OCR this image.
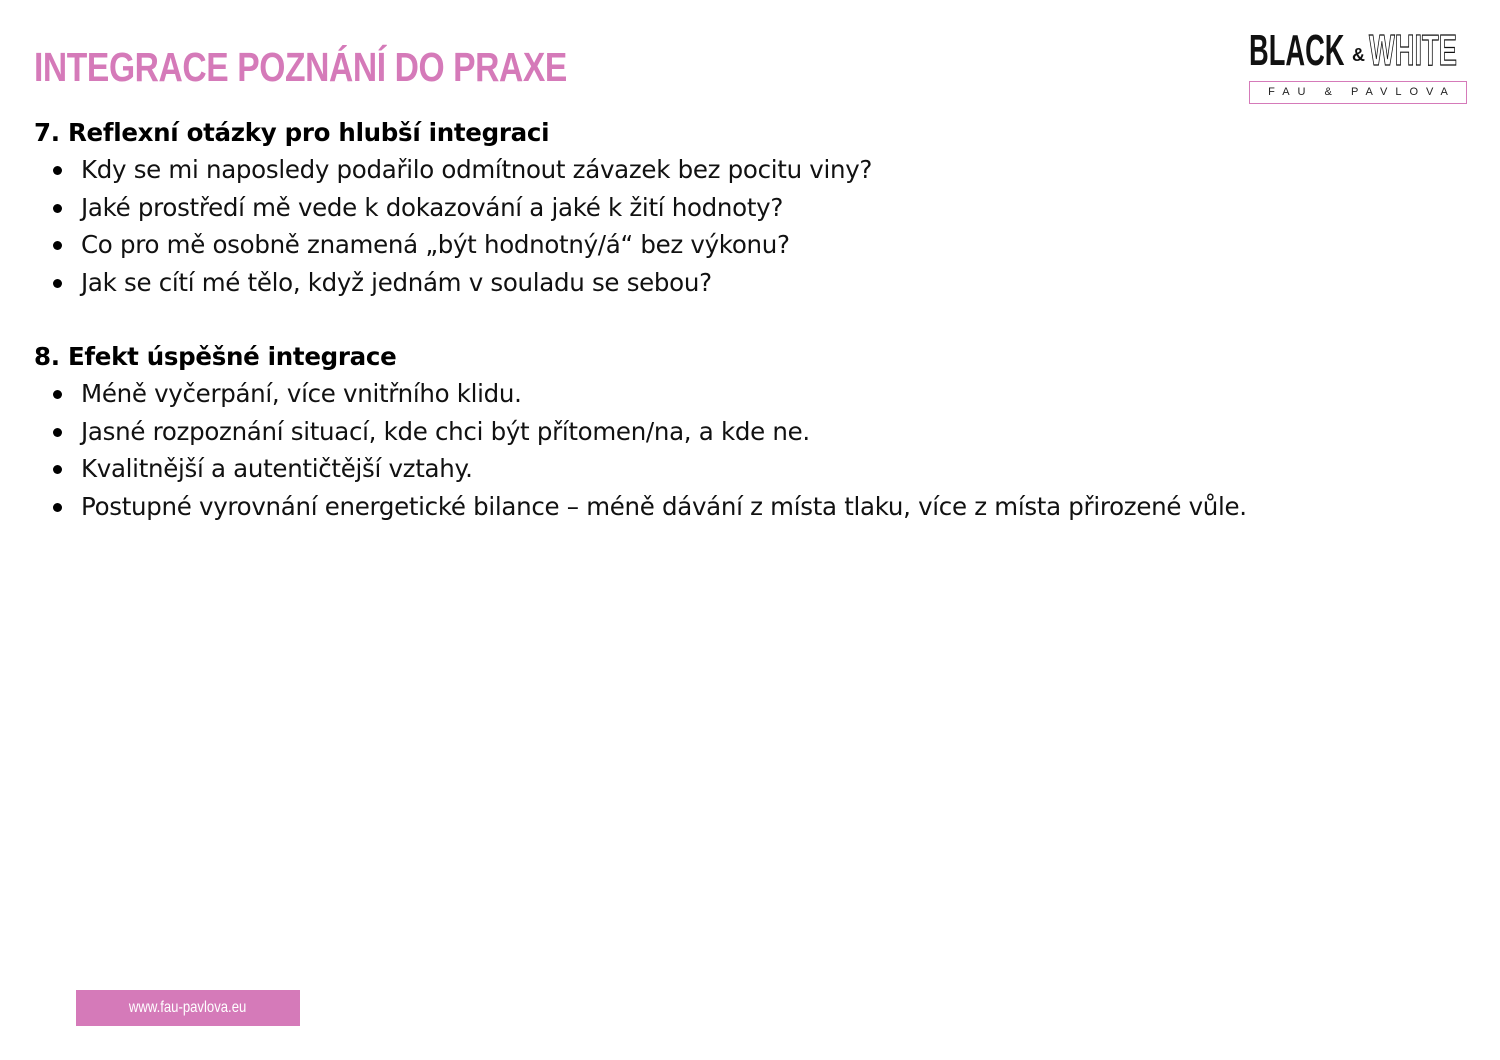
INTEGRACE POZNÁNÍ DO PRAXE	BLACK & WHITE
FAU & PAVLOVA
7. Reflexní otázky pro hlubší integraci
Kdy se mi naposledy podařilo odmítnout závazek bez pocitu viny?
Jaké prostředí mě vede k dokazování a jaké k žití hodnoty?
Co pro mě osobně znamená „být hodnotný/á“ bez výkonu?
Jak se cítí mé tělo, když jednám v souladu se sebou?
8. Efekt úspěšné integrace
Méně vyčerpání, více vnitřního klidu.
Jasné rozpoznání situací, kde chci být přítomen/na, a kde ne.
Kvalitnější a autentičtější vztahy.
Postupné vyrovnání energetické bilance – méně dávání z místa tlaku, více z místa přirozené vůle.
www.fau-pavlova.eu
